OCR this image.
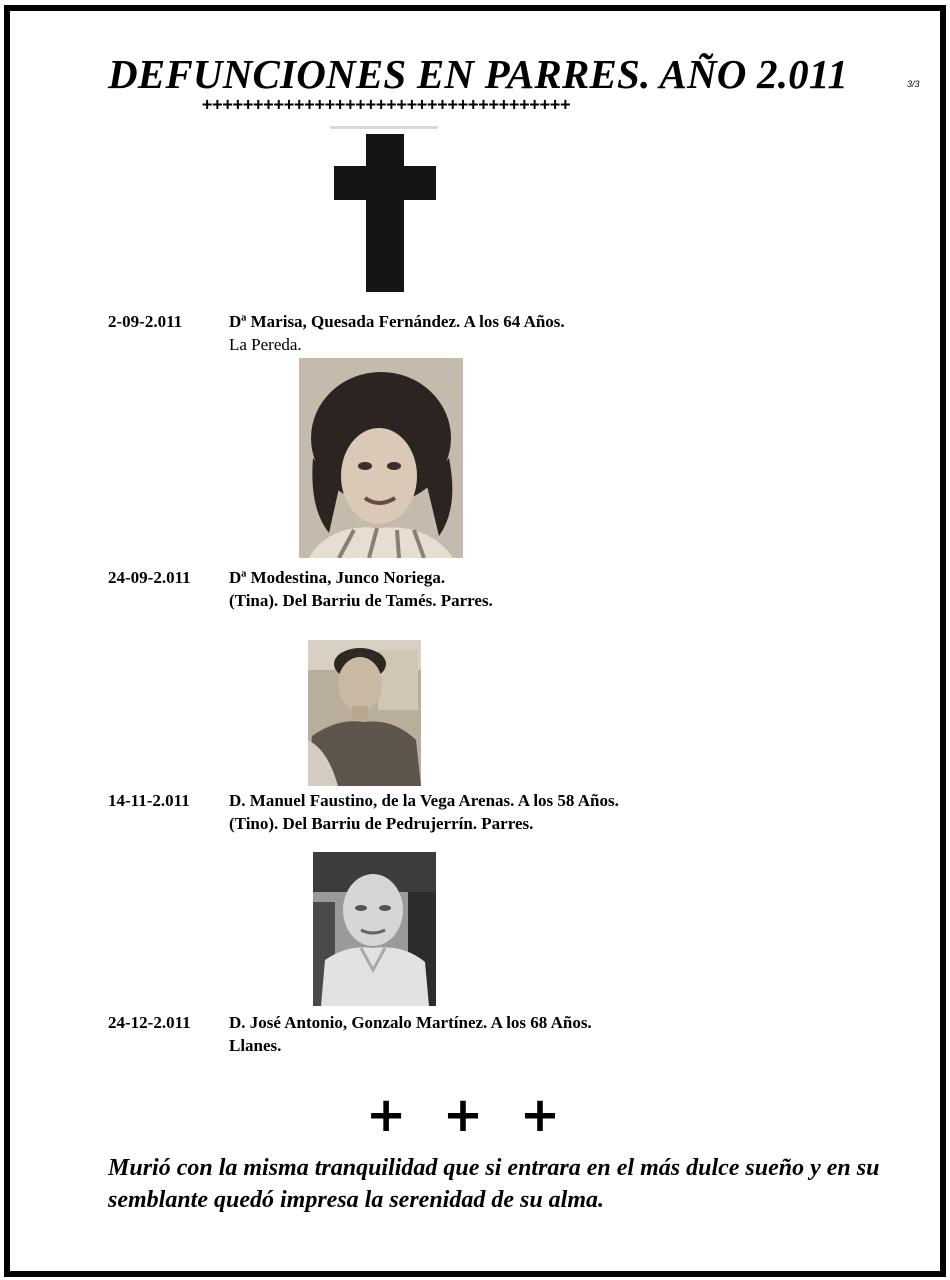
DEFUNCIONES EN PARRES. AÑO 2.011	3/3
++++++++++++++++++++++++++++++++++++
2-09-2.011	Dª Marisa, Quesada Fernández. A los 64 Años.
La Pereda.
24-09-2.011 Dª Modestina, Junco Noriega.
(Tina). Del Barriu de Tamés. Parres.
14-11-2.011 D. Manuel Faustino, de la Vega Arenas. A los 58 Años.
(Tino). Del Barriu de Pedrujerrín. Parres.
24-12-2.011 D. José Antonio, Gonzalo Martínez. A los 68 Años.
Llanes.
+ + +
Murió con la misma tranquilidad que si entrara en el más dulce sueño y en su semblante quedó impresa la serenidad de su alma.
